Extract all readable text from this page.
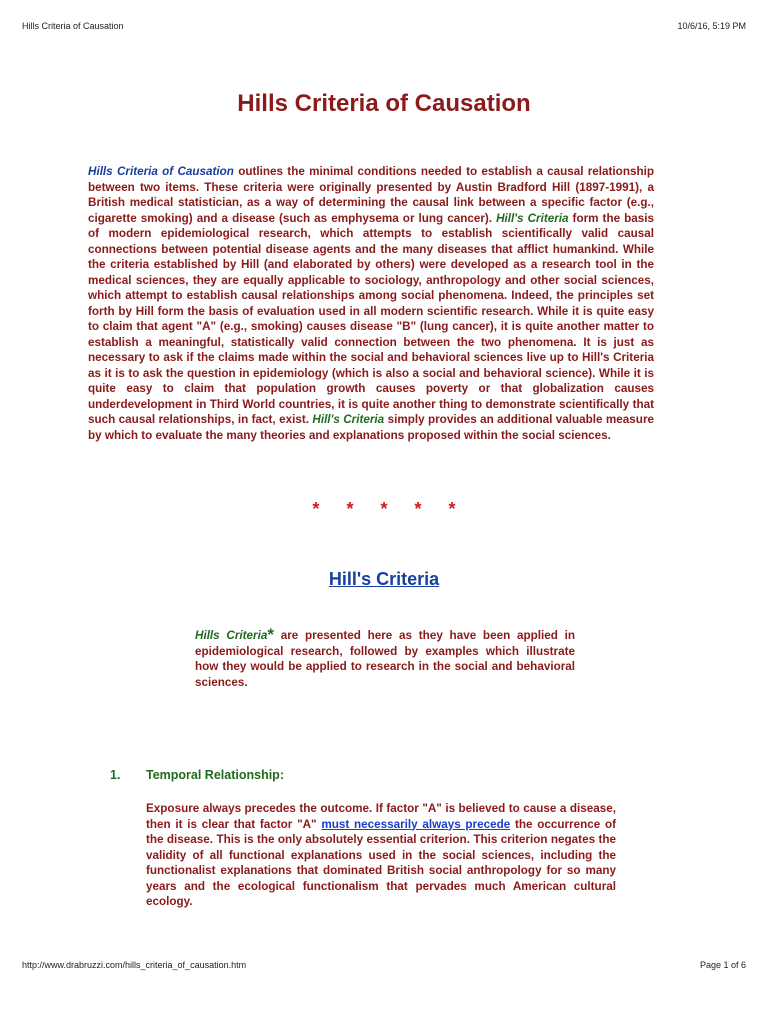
Hills Criteria of Causation	10/6/16, 5:19 PM
Hills Criteria of Causation

Hills Criteria of Causation outlines the minimal conditions needed to establish a causal relationship between two items. These criteria were originally presented by Austin Bradford Hill (1897-1991), a British medical statistician, as a way of determining the causal link between a specific factor (e.g., cigarette smoking) and a disease (such as emphysema or lung cancer). Hill's Criteria form the basis of modern epidemiological research, which attempts to establish scientifically valid causal connections between potential disease agents and the many diseases that afflict humankind. While the criteria established by Hill (and elaborated by others) were developed as a research tool in the medical sciences, they are equally applicable to sociology, anthropology and other social sciences, which attempt to establish causal relationships among social phenomena. Indeed, the principles set forth by Hill form the basis of evaluation used in all modern scientific research. While it is quite easy to claim that agent "A" (e.g., smoking) causes disease "B" (lung cancer), it is quite another matter to establish a meaningful, statistically valid connection between the two phenomena. It is just as necessary to ask if the claims made within the social and behavioral sciences live up to Hill's Criteria as it is to ask the question in epidemiology (which is also a social and behavioral science). While it is quite easy to claim that population growth causes poverty or that globalization causes underdevelopment in Third World countries, it is quite another thing to demonstrate scientifically that such causal relationships, in fact, exist. Hill's Criteria simply provides an additional valuable measure by which to evaluate the many theories and explanations proposed within the social sciences.

* * * * *
Hill's Criteria

Hills Criteria* are presented here as they have been applied in epidemiological research, followed by examples which illustrate how they would be applied to research in the social and behavioral sciences.

1. Temporal Relationship:

Exposure always precedes the outcome. If factor "A" is believed to cause a disease, then it is clear that factor "A" must necessarily always precede the occurrence of the disease. This is the only absolutely essential criterion. This criterion negates the validity of all functional explanations used in the social sciences, including the functionalist explanations that dominated British social anthropology for so many years and the ecological functionalism that pervades much American cultural ecology.

http://www.drabruzzi.com/hills_criteria_of_causation.htm	Page 1 of 6
